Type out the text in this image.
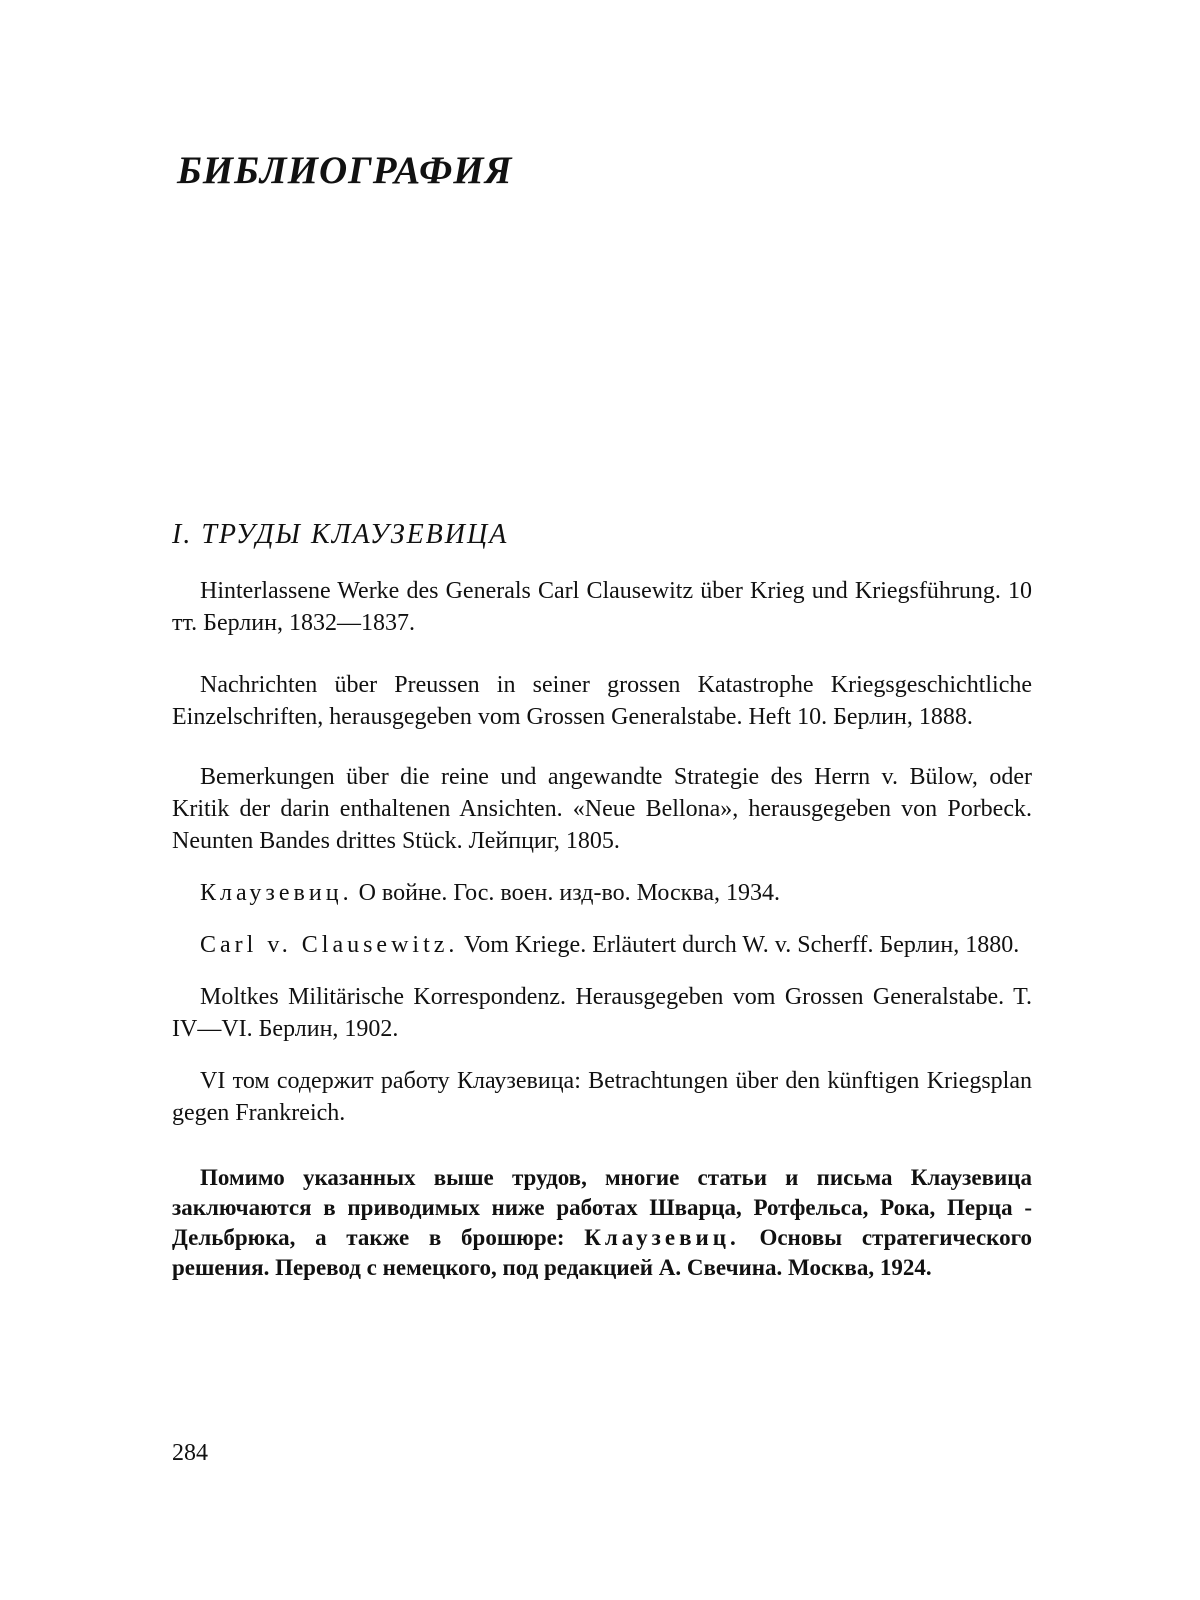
БИБЛИОГРАФИЯ
I. ТРУДЫ КЛАУЗЕВИЦА

Hinterlassene Werke des Generals Carl Clausewitz über Krieg und Kriegsführung. 10 тт. Берлин, 1832—1837.

Nachrichten über Preussen in seiner grossen Katastrophe Kriegsgeschichtliche Einzelschriften, herausgegeben vom Grossen Generalstabe. Heft 10. Берлин, 1888.

Bemerkungen über die reine und angewandte Strategie des Herrn v. Bülow, oder Kritik der darin enthaltenen Ansichten. «Neue Bellona», herausgegeben von Porbeck. Neunten Bandes drittes Stück. Лейпциг, 1805.

Клаузевиц. О войне. Гос. воен. изд-во. Москва, 1934.

Carl v. Clausewitz. Vom Kriege. Erläutert durch W. v. Scherff. Берлин, 1880.

Moltkes Militärische Korrespondenz. Herausgegeben vom Grossen Generalstabe. T. IV—VI. Берлин, 1902.

VI том содержит работу Клаузевица: Betrachtungen über den künftigen Kriegsplan gegen Frankreich.

Помимо указанных выше трудов, многие статьи и письма Клаузевица заключаются в приводимых ниже работах Шварца, Ротфельса, Рока, Перца - Дельбрюка, а также в брошюре: Клаузевиц. Основы стратегического решения. Перевод с немецкого, под редакцией А. Свечина. Москва, 1924.

284
